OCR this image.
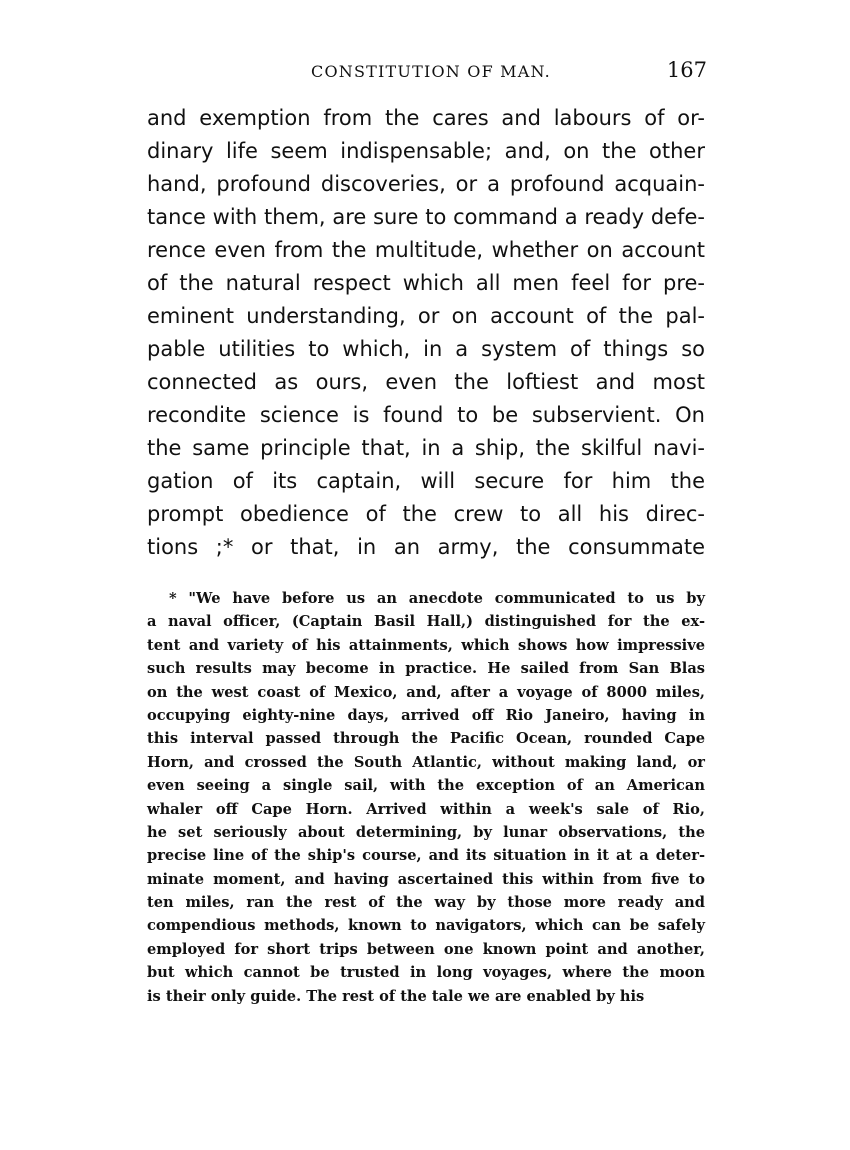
CONSTITUTION OF MAN.	167
and exemption from the cares and labours of or-
dinary life seem indispensable; and, on the other
hand, profound discoveries, or a profound acquain-
tance with them, are sure to command a ready defe-
rence even from the multitude, whether on account
of the natural respect which all men feel for pre-
eminent understanding, or on account of the pal-
pable utilities to which, in a system of things so
connected as ours, even the loftiest and most
recondite science is found to be subservient. On
the same principle that, in a ship, the skilful navi-
gation of its captain, will secure for him the
prompt obedience of the crew to all his direc-
tions ;* or that, in an army, the consummate
* "We have before us an anecdote communicated to us by
a naval officer, (Captain Basil Hall,) distinguished for the ex-
tent and variety of his attainments, which shows how impressive
such results may become in practice. He sailed from San Blas
on the west coast of Mexico, and, after a voyage of 8000 miles,
occupying eighty-nine days, arrived off Rio Janeiro, having in
this interval passed through the Pacific Ocean, rounded Cape
Horn, and crossed the South Atlantic, without making land, or
even seeing a single sail, with the exception of an American
whaler off Cape Horn. Arrived within a week's sale of Rio,
he set seriously about determining, by lunar observations, the
precise line of the ship's course, and its situation in it at a deter-
minate moment, and having ascertained this within from five to
ten miles, ran the rest of the way by those more ready and
compendious methods, known to navigators, which can be safely
employed for short trips between one known point and another,
but which cannot be trusted in long voyages, where the moon
is their only guide. The rest of the tale we are enabled by his
